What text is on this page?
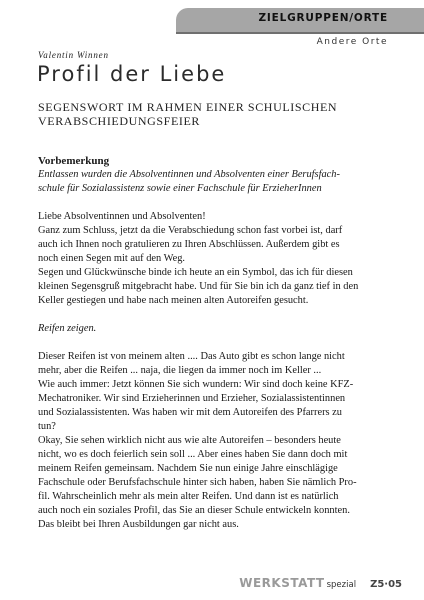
ZIELGRUPPEN/ORTE
Andere Orte
Valentin Winnen
Profil der Liebe
SEGENSWORT IM RAHMEN EINER SCHULISCHEN
VERABSCHIEDUNGSFEIER
Vorbemerkung
Entlassen wurden die Absolventinnen und Absolventen einer Berufsfach-
schule für Sozialassistenz sowie einer Fachschule für ErzieherInnen
Liebe Absolventinnen und Absolventen!
Ganz zum Schluss, jetzt da die Verabschiedung schon fast vorbei ist, darf
auch ich Ihnen noch gratulieren zu Ihren Abschlüssen. Außerdem gibt es
noch einen Segen mit auf den Weg.
Segen und Glückwünsche binde ich heute an ein Symbol, das ich für diesen
kleinen Segensgruß mitgebracht habe. Und für Sie bin ich da ganz tief in den
Keller gestiegen und habe nach meinen alten Autoreifen gesucht.
Reifen zeigen.
Dieser Reifen ist von meinem alten .... Das Auto gibt es schon lange nicht
mehr, aber die Reifen ... naja, die liegen da immer noch im Keller ...
Wie auch immer: Jetzt können Sie sich wundern: Wir sind doch keine KFZ-
Mechatroniker. Wir sind Erzieherinnen und Erzieher, Sozialassistentinnen
und Sozialassistenten. Was haben wir mit dem Autoreifen des Pfarrers zu
tun?
Okay, Sie sehen wirklich nicht aus wie alte Autoreifen – besonders heute
nicht, wo es doch feierlich sein soll ... Aber eines haben Sie dann doch mit
meinem Reifen gemeinsam. Nachdem Sie nun einige Jahre einschlägige
Fachschule oder Berufsfachschule hinter sich haben, haben Sie nämlich Pro-
fil. Wahrscheinlich mehr als mein alter Reifen. Und dann ist es natürlich
auch noch ein soziales Profil, das Sie an dieser Schule entwickeln konnten.
Das bleibt bei Ihren Ausbildungen gar nicht aus.
WERKSTATT spezial Z5·05
